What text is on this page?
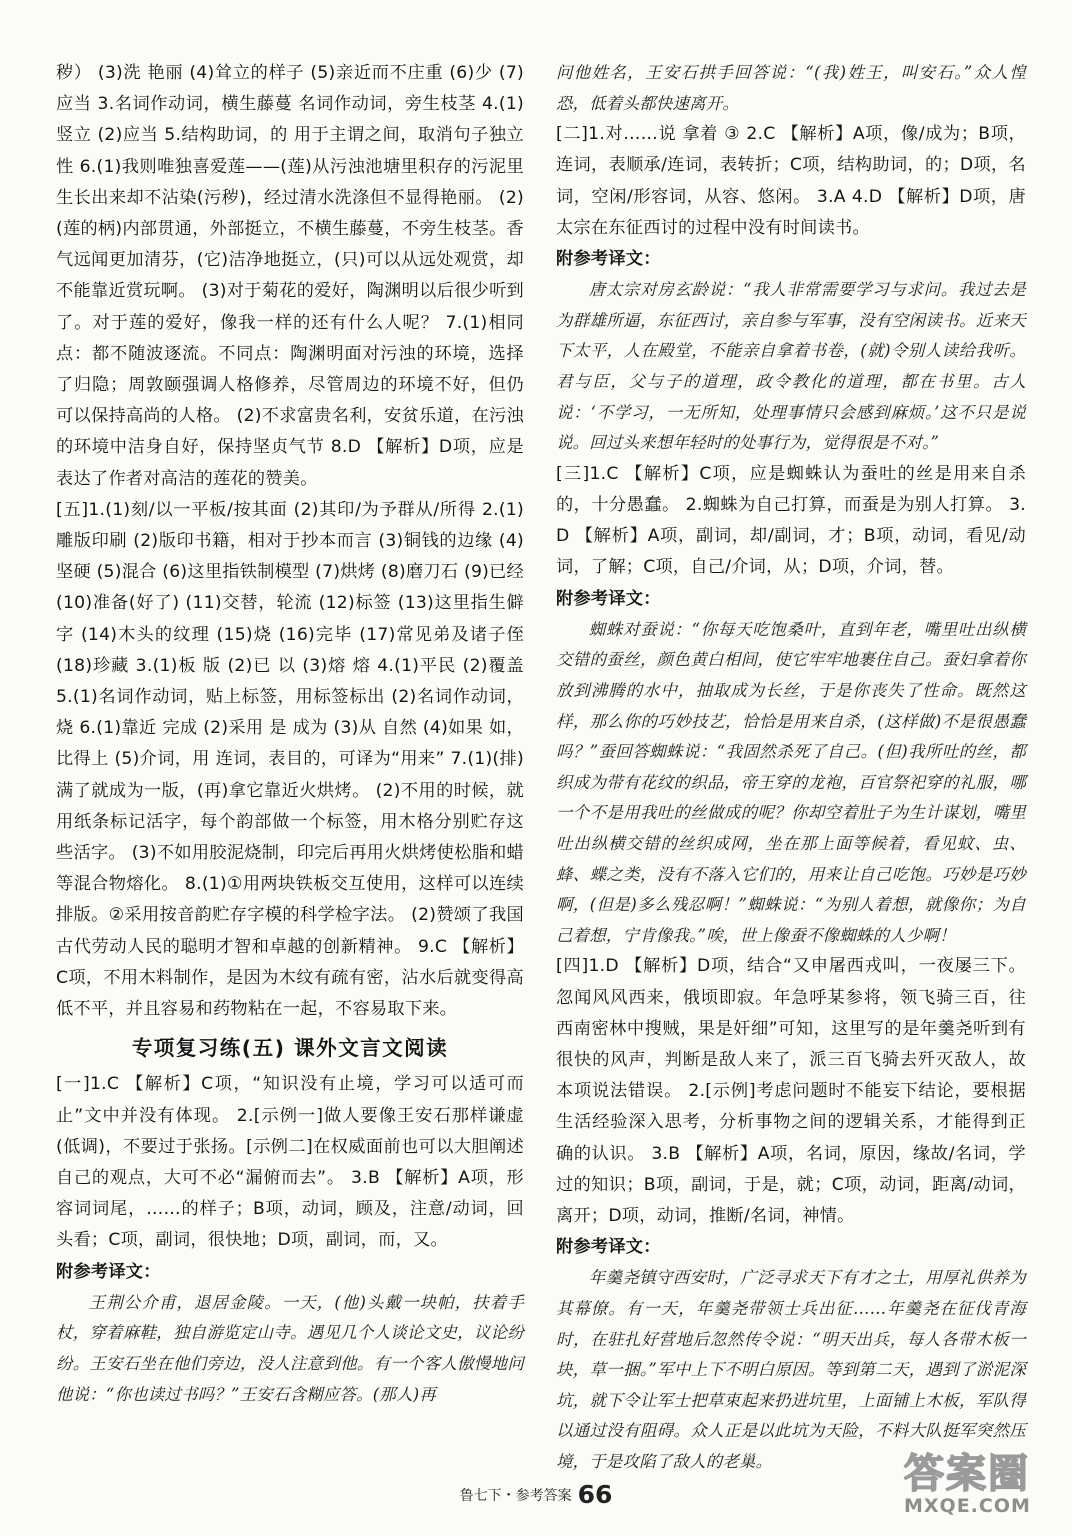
秽） (3)洗 艳丽 (4)耸立的样子 (5)亲近而不庄重 (6)少 (7)应当 3.名词作动词，横生藤蔓 名词作动词，旁生枝茎 4.(1)竖立 (2)应当 5.结构助词，的 用于主谓之间，取消句子独立性 6.(1)我则唯独喜爱莲——(莲)从污浊池塘里积存的污泥里生长出来却不沾染(污秽)，经过清水洗涤但不显得艳丽。 (2)(莲的柄)内部贯通，外部挺立，不横生藤蔓，不旁生枝茎。香气远闻更加清芬，(它)洁净地挺立，(只)可以从远处观赏，却不能靠近赏玩啊。 (3)对于菊花的爱好，陶渊明以后很少听到了。对于莲的爱好，像我一样的还有什么人呢？ 7.(1)相同点：都不随波逐流。不同点：陶渊明面对污浊的环境，选择了归隐；周敦颐强调人格修养，尽管周边的环境不好，但仍可以保持高尚的人格。 (2)不求富贵名利，安贫乐道，在污浊的环境中洁身自好，保持坚贞气节 8.D 【解析】D项，应是表达了作者对高洁的莲花的赞美。

[五]1.(1)刻/以一平板/按其面 (2)其印/为予群从/所得 2.(1)雕版印刷 (2)版印书籍，相对于抄本而言 (3)铜钱的边缘 (4)坚硬 (5)混合 (6)这里指铁制模型 (7)烘烤 (8)磨刀石 (9)已经 (10)准备(好了) (11)交替，轮流 (12)标签 (13)这里指生僻字 (14)木头的纹理 (15)烧 (16)完毕 (17)常见弟及诸子侄 (18)珍藏 3.(1)板 版 (2)已 以 (3)熔 熔 4.(1)平民 (2)覆盖 5.(1)名词作动词，贴上标签，用标签标出 (2)名词作动词，烧 6.(1)靠近 完成 (2)采用 是 成为 (3)从 自然 (4)如果 如，比得上 (5)介词，用 连词，表目的，可译为“用来” 7.(1)(排)满了就成为一版，(再)拿它靠近火烘烤。 (2)不用的时候，就用纸条标记活字，每个韵部做一个标签，用木格分别贮存这些活字。 (3)不如用胶泥烧制，印完后再用火烘烤使松脂和蜡等混合物熔化。 8.(1)①用两块铁板交互使用，这样可以连续排版。②采用按音韵贮存字模的科学检字法。 (2)赞颂了我国古代劳动人民的聪明才智和卓越的创新精神。 9.C 【解析】C项，不用木料制作，是因为木纹有疏有密，沾水后就变得高低不平，并且容易和药物粘在一起，不容易取下来。

专项复习练(五) 课外文言文阅读

[一]1.C 【解析】C项，“知识没有止境，学习可以适可而止”文中并没有体现。 2.[示例一]做人要像王安石那样谦虚(低调)，不要过于张扬。[示例二]在权威面前也可以大胆阐述自己的观点，大可不必“漏俯而去”。 3.B 【解析】A项，形容词词尾，……的样子；B项，动词，顾及，注意/动词，回头看；C项，副词，很快地；D项，副词，而，又。

附参考译文：

王荆公介甫，退居金陵。一天，(他)头戴一块帕，扶着手杖，穿着麻鞋，独自游览定山寺。遇见几个人谈论文史，议论纷纷。王安石坐在他们旁边，没人注意到他。有一个客人傲慢地问他说：“你也读过书吗？”王安石含糊应答。(那人)再

问他姓名，王安石拱手回答说：“(我)姓王，叫安石。”众人惶恐，低着头都快速离开。

[二]1.对……说 拿着 ③ 2.C 【解析】A项，像/成为；B项，连词，表顺承/连词，表转折；C项，结构助词，的；D项，名词，空闲/形容词，从容、悠闲。 3.A 4.D 【解析】D项，唐太宗在东征西讨的过程中没有时间读书。

附参考译文：

唐太宗对房玄龄说：“我人非常需要学习与求问。我过去是为群雄所逼，东征西讨，亲自参与军事，没有空闲读书。近来天下太平，人在殿堂，不能亲自拿着书卷，(就)令别人读给我听。君与臣，父与子的道理，政令教化的道理，都在书里。古人说：‘不学习，一无所知，处理事情只会感到麻烦。’这不只是说说。回过头来想年轻时的处事行为，觉得很是不对。”

[三]1.C 【解析】C项，应是蜘蛛认为蚕吐的丝是用来自杀的，十分愚蠢。 2.蜘蛛为自己打算，而蚕是为别人打算。 3.D 【解析】A项，副词，却/副词，才；B项，动词，看见/动词，了解；C项，自己/介词，从；D项，介词，替。

附参考译文：

蜘蛛对蚕说：“你每天吃饱桑叶，直到年老，嘴里吐出纵横交错的蚕丝，颜色黄白相间，使它牢牢地裹住自己。蚕妇拿着你放到沸腾的水中，抽取成为长丝，于是你丧失了性命。既然这样，那么你的巧妙技艺，恰恰是用来自杀，(这样做)不是很愚蠢吗？”蚕回答蜘蛛说：“我固然杀死了自己。(但)我所吐的丝，都织成为带有花纹的织品，帝王穿的龙袍，百官祭祀穿的礼服，哪一个不是用我吐的丝做成的呢？你却空着肚子为生计谋划，嘴里吐出纵横交错的丝织成网，坐在那上面等候着，看见蚊、虫、蜂、蝶之类，没有不落入它们的，用来让自己吃饱。巧妙是巧妙啊，(但是)多么残忍啊！”蜘蛛说：“为别人着想，就像你；为自己着想，宁肯像我。”唉，世上像蚕不像蜘蛛的人少啊！

[四]1.D 【解析】D项，结合“又申屠西戎叫，一夜屡三下。忽闻风风西来，俄顷即寂。年急呼某参将，领飞骑三百，往西南密林中搜贼，果是奸细”可知，这里写的是年羹尧听到有很快的风声，判断是敌人来了，派三百飞骑去歼灭敌人，故本项说法错误。 2.[示例]考虑问题时不能妄下结论，要根据生活经验深入思考，分析事物之间的逻辑关系，才能得到正确的认识。 3.B 【解析】A项，名词，原因，缘故/名词，学过的知识；B项，副词，于是，就；C项，动词，距离/动词，离开；D项，动词，推断/名词，神情。

附参考译文：

年羹尧镇守西安时，广泛寻求天下有才之士，用厚礼供养为其幕僚。有一天，年羹尧带领士兵出征……年羹尧在征伐青海时，在驻扎好营地后忽然传令说：“明天出兵，每人各带木板一块，草一捆。”军中上下不明白原因。等到第二天，遇到了淤泥深坑，就下令让军士把草束起来扔进坑里，上面铺上木板，军队得以通过没有阻碍。众人正是以此坑为天险，不料大队挺军突然压境，于是攻陷了敌人的老巢。

鲁七下・参考答案 66	答案圈
MXQE.COM
